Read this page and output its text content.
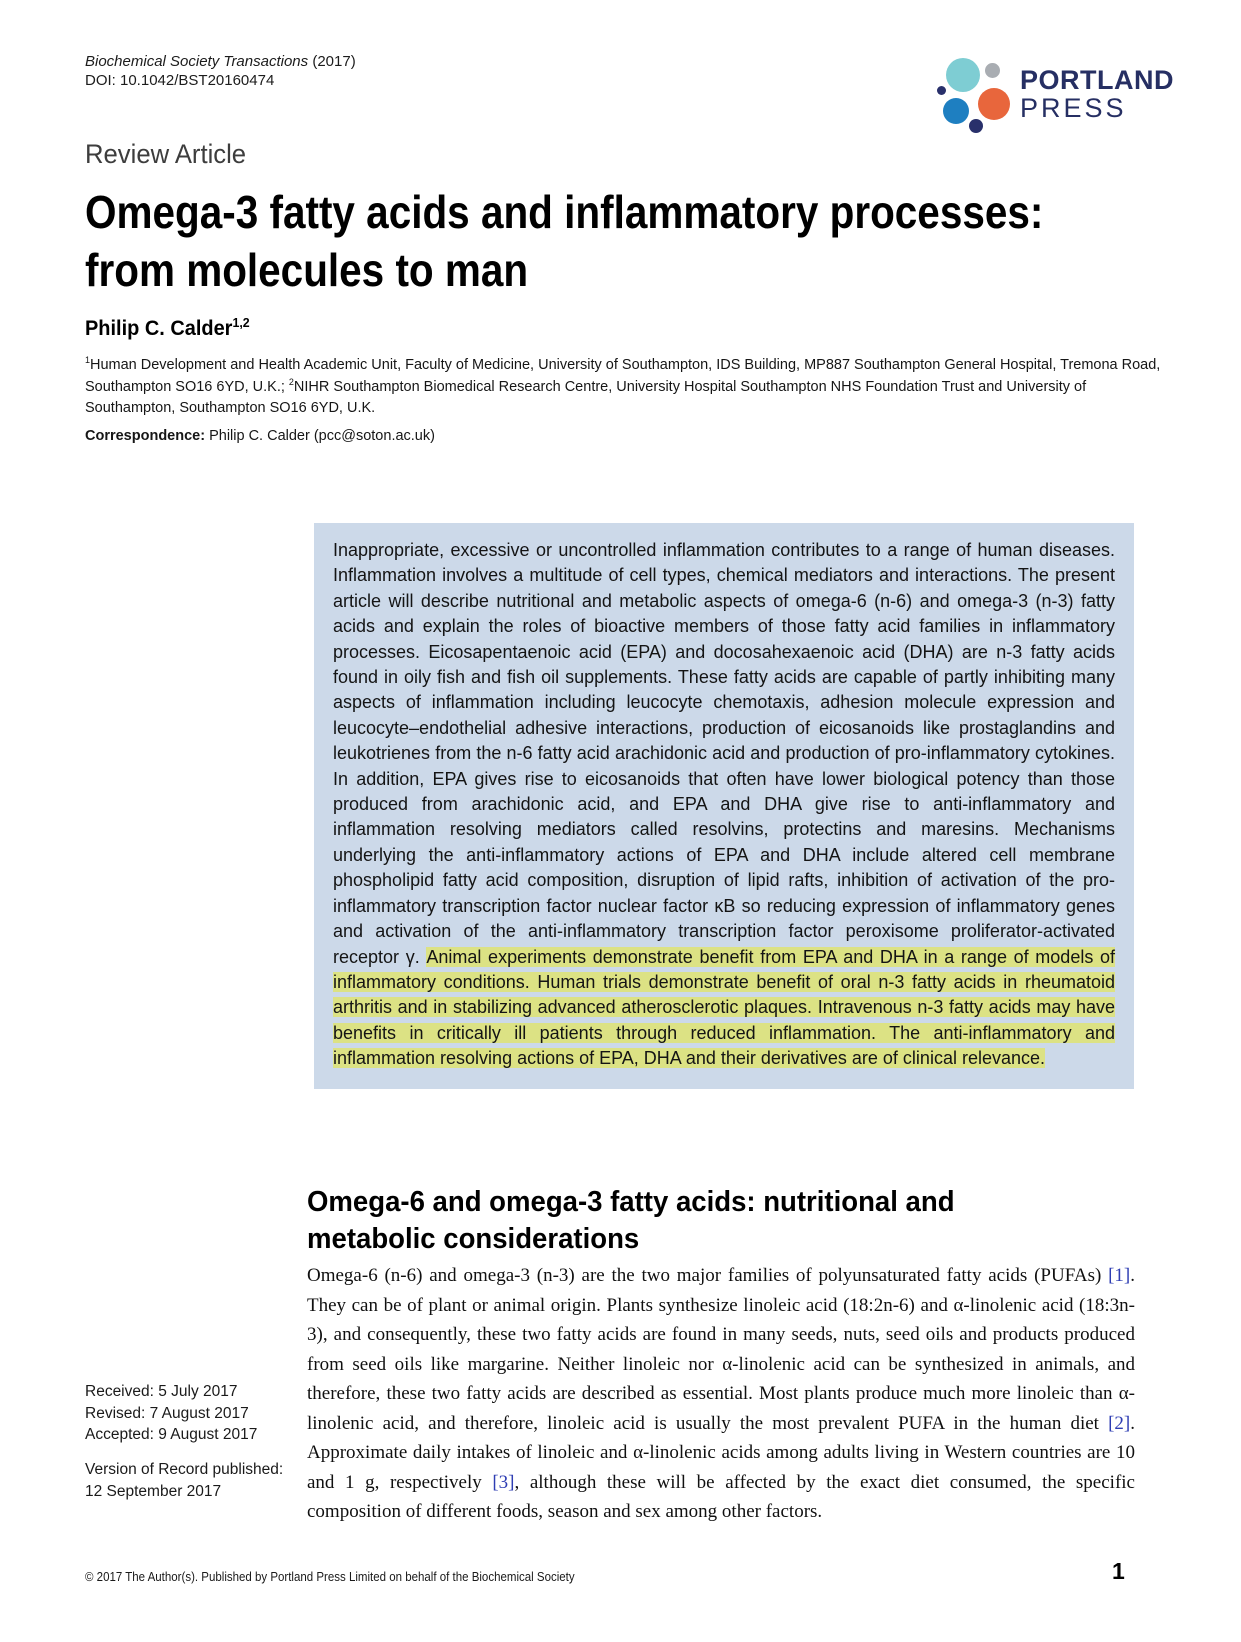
Biochemical Society Transactions (2017)
DOI: 10.1042/BST20160474	PORTLAND
PRESS
Review Article
Omega-3 fatty acids and inflammatory processes:
from molecules to man
Philip C. Calder$^{1,2}$
$^1$Human Development and Health Academic Unit, Faculty of Medicine, University of Southampton, IDS Building, MP887 Southampton General Hospital, Tremona Road, Southampton SO16 6YD, U.K.; $^2$NIHR Southampton Biomedical Research Centre, University Hospital Southampton NHS Foundation Trust and University of Southampton, Southampton SO16 6YD, U.K.
Correspondence: Philip C. Calder (pcc@soton.ac.uk)
Inappropriate, excessive or uncontrolled inflammation contributes to a range of human diseases. Inflammation involves a multitude of cell types, chemical mediators and interactions. The present article will describe nutritional and metabolic aspects of omega-6 (n-6) and omega-3 (n-3) fatty acids and explain the roles of bioactive members of those fatty acid families in inflammatory processes. Eicosapentaenoic acid (EPA) and docosahexaenoic acid (DHA) are n-3 fatty acids found in oily fish and fish oil supplements. These fatty acids are capable of partly inhibiting many aspects of inflammation including leucocyte chemotaxis, adhesion molecule expression and leucocyte–endothelial adhesive interactions, production of eicosanoids like prostaglandins and leukotrienes from the n-6 fatty acid arachidonic acid and production of pro-inflammatory cytokines. In addition, EPA gives rise to eicosanoids that often have lower biological potency than those produced from arachidonic acid, and EPA and DHA give rise to anti-inflammatory and inflammation resolving mediators called resolvins, protectins and maresins. Mechanisms underlying the anti-inflammatory actions of EPA and DHA include altered cell membrane phospholipid fatty acid composition, disruption of lipid rafts, inhibition of activation of the pro-inflammatory transcription factor nuclear factor κB so reducing expression of inflammatory genes and activation of the anti-inflammatory transcription factor peroxisome proliferator-activated receptor γ. Animal experiments demonstrate benefit from EPA and DHA in a range of models of inflammatory conditions. Human trials demonstrate benefit of oral n-3 fatty acids in rheumatoid arthritis and in stabilizing advanced atherosclerotic plaques. Intravenous n-3 fatty acids may have benefits in critically ill patients through reduced inflammation. The anti-inflammatory and inflammation resolving actions of EPA, DHA and their derivatives are of clinical relevance.
Omega-6 and omega-3 fatty acids: nutritional and
metabolic considerations
Omega-6 (n-6) and omega-3 (n-3) are the two major families of polyunsaturated fatty acids (PUFAs) [1]. They can be of plant or animal origin. Plants synthesize linoleic acid (18:2n-6) and α-linolenic acid (18:3n-3), and consequently, these two fatty acids are found in many seeds, nuts, seed oils and products produced from seed oils like margarine. Neither linoleic nor α-linolenic acid can be synthesized in animals, and therefore, these two fatty acids are described as essential. Most plants produce much more linoleic than α-linolenic acid, and therefore, linoleic acid is usually the most prevalent PUFA in the human diet [2]. Approximate daily intakes of linoleic and α-linolenic acids among adults living in Western countries are 10 and 1 g, respectively [3], although these will be affected by the exact diet consumed, the specific composition of different foods, season and sex among other factors.
Received: 5 July 2017
Revised: 7 August 2017
Accepted: 9 August 2017
Version of Record published:
12 September 2017
© 2017 The Author(s). Published by Portland Press Limited on behalf of the Biochemical Society	1
